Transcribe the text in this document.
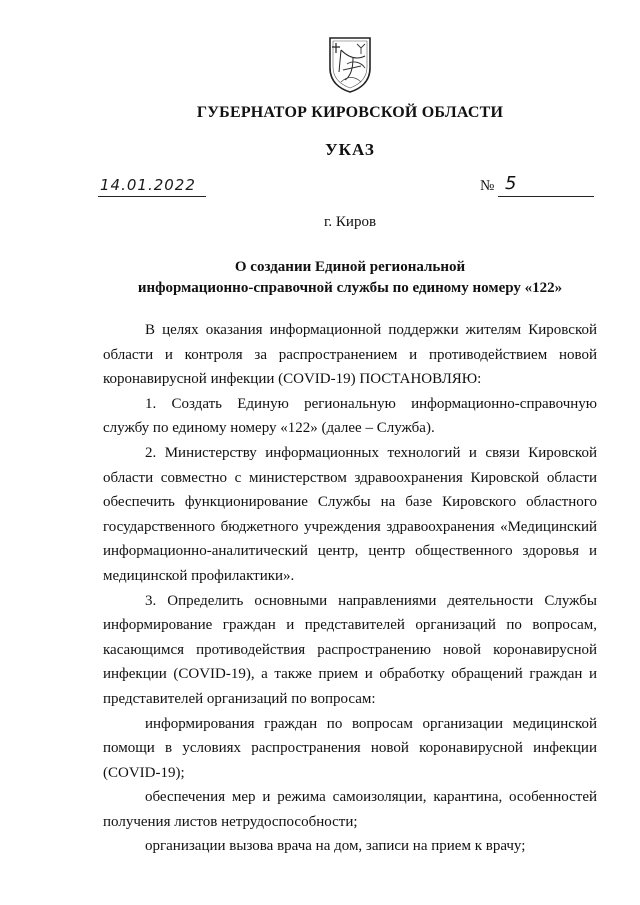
ГУБЕРНАТОР КИРОВСКОЙ ОБЛАСТИ
УКАЗ
14.01.2022	№ 5
г. Киров
О создании Единой региональной
информационно-справочной службы по единому номеру «122»

В целях оказания информационной поддержки жителям Кировской области и контроля за распространением и противодействием новой коронавирусной инфекции (COVID-19) ПОСТАНОВЛЯЮ:

1. Создать Единую региональную информационно-справочную службу по единому номеру «122» (далее – Служба).

2. Министерству информационных технологий и связи Кировской области совместно с министерством здравоохранения Кировской области обеспечить функционирование Службы на базе Кировского областного государственного бюджетного учреждения здравоохранения «Медицинский информационно-аналитический центр, центр общественного здоровья и медицинской профилактики».

3. Определить основными направлениями деятельности Службы информирование граждан и представителей организаций по вопросам, касающимся противодействия распространению новой коронавирусной инфекции (COVID-19), а также прием и обработку обращений граждан и представителей организаций по вопросам:

информирования граждан по вопросам организации медицинской помощи в условиях распространения новой коронавирусной инфекции (COVID-19);

обеспечения мер и режима самоизоляции, карантина, особенностей получения листов нетрудоспособности;

организации вызова врача на дом, записи на прием к врачу;
